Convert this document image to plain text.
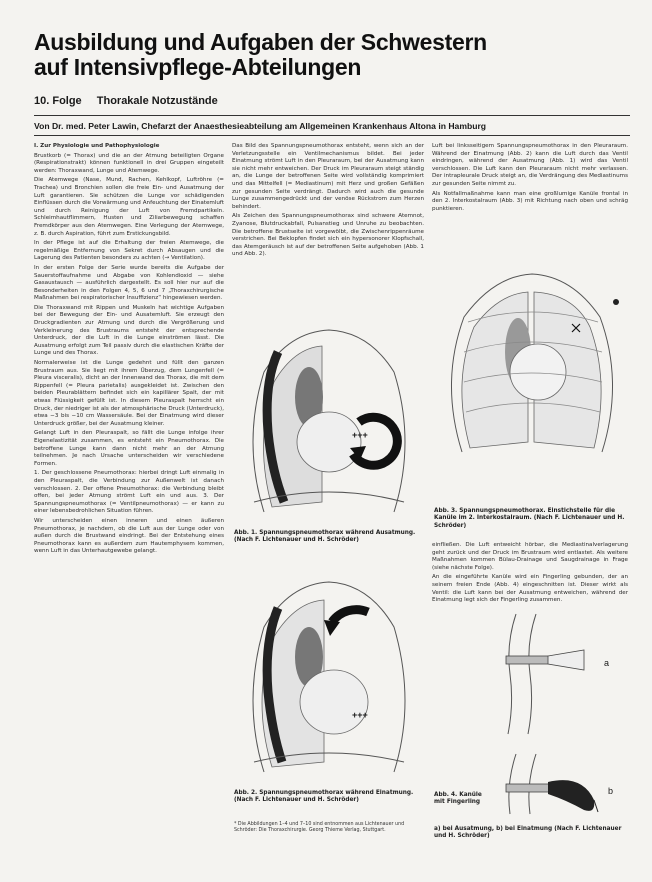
Ausbildung und Aufgaben der Schwestern
auf Intensivpflege-Abteilungen
10. Folge Thorakale Notzustände
Von Dr. med. Peter Lawin, Chefarzt der Anaesthesieabteilung am Allgemeinen Krankenhaus Altona in Hamburg

I. Zur Physiologie und Pathophysiologie

Brustkorb (= Thorax) und die an der Atmung beteiligten Organe (Respirationstrakt) können funktionell in drei Gruppen eingeteilt werden: Thoraxwand, Lunge und Atemwege.

Die Atemwege (Nase, Mund, Rachen, Kehlkopf, Luftröhre (= Trachea) und Bronchien sollen die freie Ein- und Ausatmung der Luft garantieren. Sie schützen die Lunge vor schädigenden Einflüssen durch die Vorwärmung und Anfeuchtung der Einatemluft und durch Reinigung der Luft von Fremdpartikeln. Schleimhautflimmern, Husten und Ziliarbewegung schaffen Fremdkörper aus den Atemwegen. Eine Verlegung der Atemwege, z. B. durch Aspiration, führt zum Erstickungsbild.

In der Pflege ist auf die Erhaltung der freien Atemwege, die regelmäßige Entfernung von Sekret durch Absaugen und die Lagerung des Patienten besonders zu achten (→ Ventilation).

In der ersten Folge der Serie wurde bereits die Aufgabe der Sauerstoffaufnahme und Abgabe von Kohlendioxid — siehe Gasaustausch — ausführlich dargestellt. Es soll hier nur auf die Besonderheiten in den Folgen 4, 5, 6 und 7 „Thoraxchirurgische Maßnahmen bei respiratorischer Insuffizienz“ hingewiesen werden.

Die Thoraxwand mit Rippen und Muskeln hat wichtige Aufgaben bei der Bewegung der Ein- und Ausatemluft. Sie erzeugt den Druckgradienten zur Atmung und durch die Vergrößerung und Verkleinerung des Brustraums entsteht der entsprechende Unterdruck, der die Luft in die Lunge einströmen lässt. Die Ausatmung erfolgt zum Teil passiv durch die elastischen Kräfte der Lunge und des Thorax.

Normalerweise ist die Lunge gedehnt und füllt den ganzen Brustraum aus. Sie liegt mit ihrem Überzug, dem Lungenfell (= Pleura visceralis), dicht an der Innenwand des Thorax, die mit dem Rippenfell (= Pleura parietalis) ausgekleidet ist. Zwischen den beiden Pleurablättern befindet sich ein kapillärer Spalt, der mit etwas Flüssigkeit gefüllt ist. In diesem Pleuraspalt herrscht ein Druck, der niedriger ist als der atmosphärische Druck (Unterdruck), etwa −3 bis −10 cm Wassersäule. Bei der Einatmung wird dieser Unterdruck größer, bei der Ausatmung kleiner.

Gelangt Luft in den Pleuraspalt, so fällt die Lunge infolge ihrer Eigenelastizität zusammen, es entsteht ein Pneumothorax. Die betroffene Lunge kann dann nicht mehr an der Atmung teilnehmen. Je nach Ursache unterscheiden wir verschiedene Formen.

1. Der geschlossene Pneumothorax: hierbei dringt Luft einmalig in den Pleuraspalt, die Verbindung zur Außenwelt ist danach verschlossen. 2. Der offene Pneumothorax: die Verbindung bleibt offen, bei jeder Atmung strömt Luft ein und aus. 3. Der Spannungspneumothorax (= Ventilpneumothorax) — er kann zu einer lebensbedrohlichen Situation führen.

Wir unterscheiden einen inneren und einen äußeren Pneumothorax, je nachdem, ob die Luft aus der Lunge oder von außen durch die Brustwand eindringt. Bei der Entstehung eines Pneumothorax kann es außerdem zum Hautemphysem kommen, wenn Luft in das Unterhautgewebe gelangt.

Das Bild des Spannungspneumothorax entsteht, wenn sich an der Verletzungsstelle ein Ventilmechanismus bildet. Bei jeder Einatmung strömt Luft in den Pleuraraum, bei der Ausatmung kann sie nicht mehr entweichen. Der Druck im Pleuraraum steigt ständig an, die Lunge der betroffenen Seite wird vollständig komprimiert und das Mittelfell (= Mediastinum) mit Herz und großen Gefäßen zur gesunden Seite verdrängt. Dadurch wird auch die gesunde Lunge zusammengedrückt und der venöse Rückstrom zum Herzen behindert.

Als Zeichen des Spannungspneumothorax sind schwere Atemnot, Zyanose, Blutdruckabfall, Pulsanstieg und Unruhe zu beobachten. Die betroffene Brustseite ist vorgewölbt, die Zwischenrippenräume verstrichen. Bei Beklopfen findet sich ein hypersonorer Klopfschall, das Atemgeräusch ist auf der betroffenen Seite aufgehoben (Abb. 1 und Abb. 2).

Luft bei linksseitigem Spannungspneumothorax in den Pleuraraum. Während der Einatmung (Abb. 2) kann die Luft durch das Ventil eindringen, während der Ausatmung (Abb. 1) wird das Ventil verschlossen. Die Luft kann den Pleuraraum nicht mehr verlassen. Der intrapleurale Druck steigt an, die Verdrängung des Mediastinums zur gesunden Seite nimmt zu.

Als Notfallmaßnahme kann man eine großlumige Kanüle frontal in den 2. Interkostalraum (Abb. 3) mit Richtung nach oben und schräg punktieren.

einfließen. Die Luft entweicht hörbar, die Mediastinalverlagerung geht zurück und der Druck im Brustraum wird entlastet. Als weitere Maßnahmen kommen Bülau-Drainage und Saugdrainage in Frage (siehe nächste Folge).

An die eingeführte Kanüle wird ein Fingerling gebunden, der an seinem freien Ende (Abb. 4) eingeschnitten ist. Dieser wirkt als Ventil: die Luft kann bei der Ausatmung entweichen, während der Einatmung legt sich der Fingerling zusammen.

+++
Abb. 1. Spannungspneumothorax während Ausatmung. (Nach F. Lichtenauer und H. Schröder)
+++
Abb. 2. Spannungspneumothorax während Einatmung. (Nach F. Lichtenauer und H. Schröder)
* Die Abbildungen 1–4 und 7–10 sind entnommen aus Lichtenauer und Schröder: Die Thoraxchirurgie. Georg Thieme Verlag, Stuttgart.
Abb. 3. Spannungspneumothorax. Einstichstelle für die Kanüle im 2. Interkostalraum. (Nach F. Lichtenauer und H. Schröder)
a
b
Abb. 4. Kanüle mit Fingerling
a) bei Ausatmung, b) bei Einatmung (Nach F. Lichtenauer und H. Schröder)
